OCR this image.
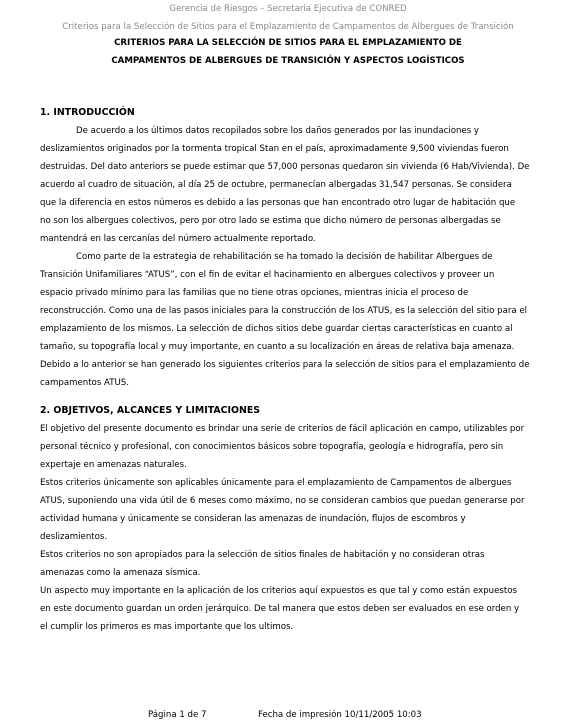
Gerencia de Riesgos – Secretaria Ejecutiva de CONRED
Criterios para la Selección de Sitios para el Emplazamiento de Campamentos de Albergues de Transición
CRITERIOS PARA LA SELECCIÓN DE SITIOS PARA EL EMPLAZAMIENTO DE
CAMPAMENTOS DE ALBERGUES DE TRANSICIÓN Y ASPECTOS LOGÍSTICOS
1. INTRODUCCIÓN
De acuerdo a los últimos datos recopilados sobre los daños generados por las inundaciones y
deslizamientos originados por la tormenta tropical Stan en el país, aproximadamente 9,500 viviendas fueron
destruidas. Del dato anteriors se puede estimar que 57,000 personas quedaron sin vivienda (6 Hab/Vivienda). De
acuerdo al cuadro de situación, al día 25 de octubre, permanecían albergadas 31,547 personas. Se considera
que la diferencia en estos números es debido a las personas que han encontrado otro lugar de habitación que
no son los albergues colectivos, pero por otro lado se estima que dicho número de personas albergadas se
mantendrá en las cercanías del número actualmente reportado.
Como parte de la estrategia de rehabilitación se ha tomado la decisión de habilitar Albergues de
Transición Unifamiliares “ATUS”, con el fin de evitar el hacinamiento en albergues colectivos y proveer un
espacio privado mínimo para las familias que no tiene otras opciones, mientras inicia el proceso de
reconstrucción. Como una de las pasos iniciales para la construcción de los ATUS, es la selección del sitio para el
emplazamiento de los mismos. La selección de dichos sitios debe guardar ciertas características en cuanto al
tamaño, su topografía local y muy importante, en cuanto a su localización en áreas de relativa baja amenaza.
Debido a lo anterior se han generado los siguientes criterios para la selección de sitios para el emplazamiento de
campamentos ATUS.
2. OBJETIVOS, ALCANCES Y LIMITACIONES
El objetivo del presente documento es brindar una serie de criterios de fácil aplicación en campo, utilizables por
personal técnico y profesional, con conocimientos básicos sobre topografía, geología e hidrografía, pero sin
expertaje en amenazas naturales.
Estos criterios únicamente son aplicables únicamente para el emplazamiento de Campamentos de albergues
ATUS, suponiendo una vida útil de 6 meses como máximo, no se consideran cambios que puedan generarse por
actividad humana y únicamente se consideran las amenazas de inundación, flujos de escombros y
deslizamientos.
Estos criterios no son apropiados para la selección de sitios finales de habitación y no consideran otras
amenazas como la amenaza sísmica.
Un aspecto muy importante en la aplicación de los criterios aquí expuestos es que tal y como están expuestos
en este documento guardan un orden jerárquico. De tal manera que estos deben ser evaluados en ese orden y
el cumplir los primeros es mas importante que los ultimos.
Página 1 de 7	Fecha de impresión 10/11/2005 10:03
